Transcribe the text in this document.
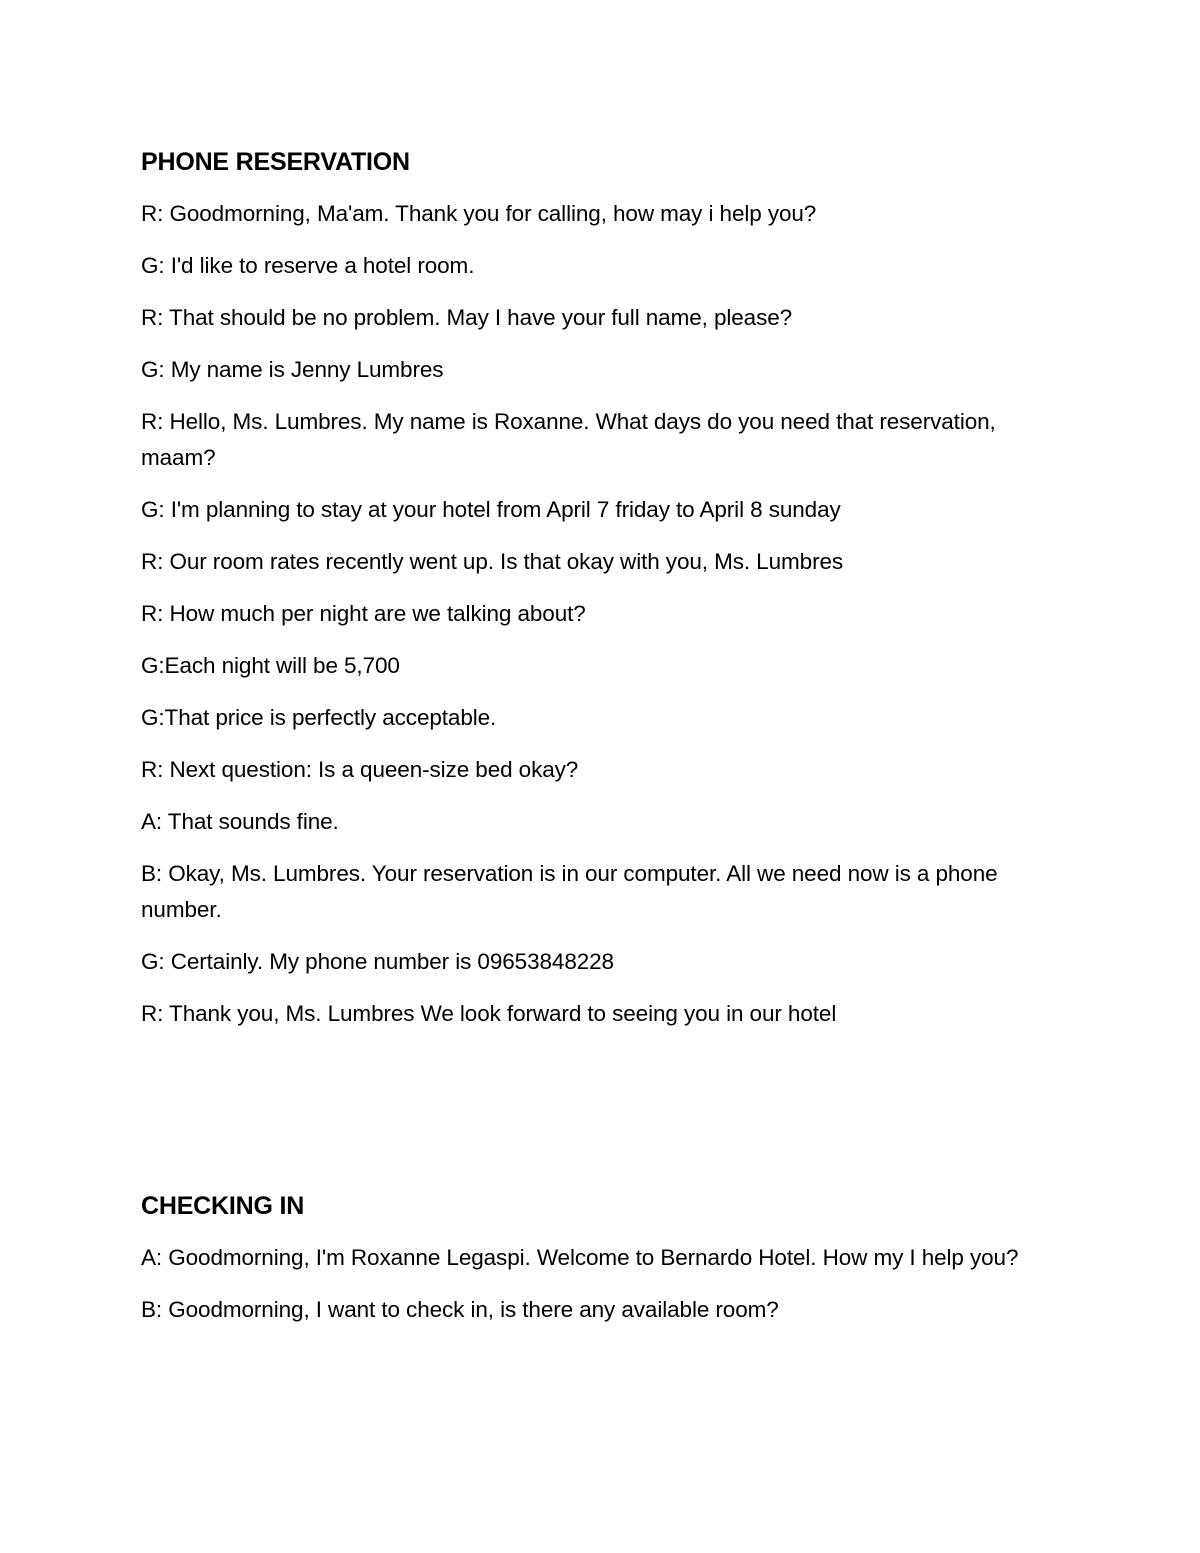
PHONE RESERVATION
R: Goodmorning, Ma'am. Thank you for calling, how may i help you?
G: I'd like to reserve a hotel room.
R: That should be no problem. May I have your full name, please?
G: My name is Jenny Lumbres
R: Hello, Ms. Lumbres. My name is Roxanne. What days do you need that reservation, maam?
G: I'm planning to stay at your hotel from April 7 friday to April 8 sunday
R: Our room rates recently went up. Is that okay with you, Ms. Lumbres
R: How much per night are we talking about?
G:Each night will be 5,700
G:That price is perfectly acceptable.
R: Next question: Is a queen-size bed okay?
A: That sounds fine.
B: Okay, Ms. Lumbres. Your reservation is in our computer. All we need now is a phone number.
G: Certainly. My phone number is 09653848228
R: Thank you, Ms. Lumbres We look forward to seeing you in our hotel
CHECKING IN
A: Goodmorning, I'm Roxanne Legaspi. Welcome to Bernardo Hotel. How my I help you?
B: Goodmorning, I want to check in, is there any available room?
